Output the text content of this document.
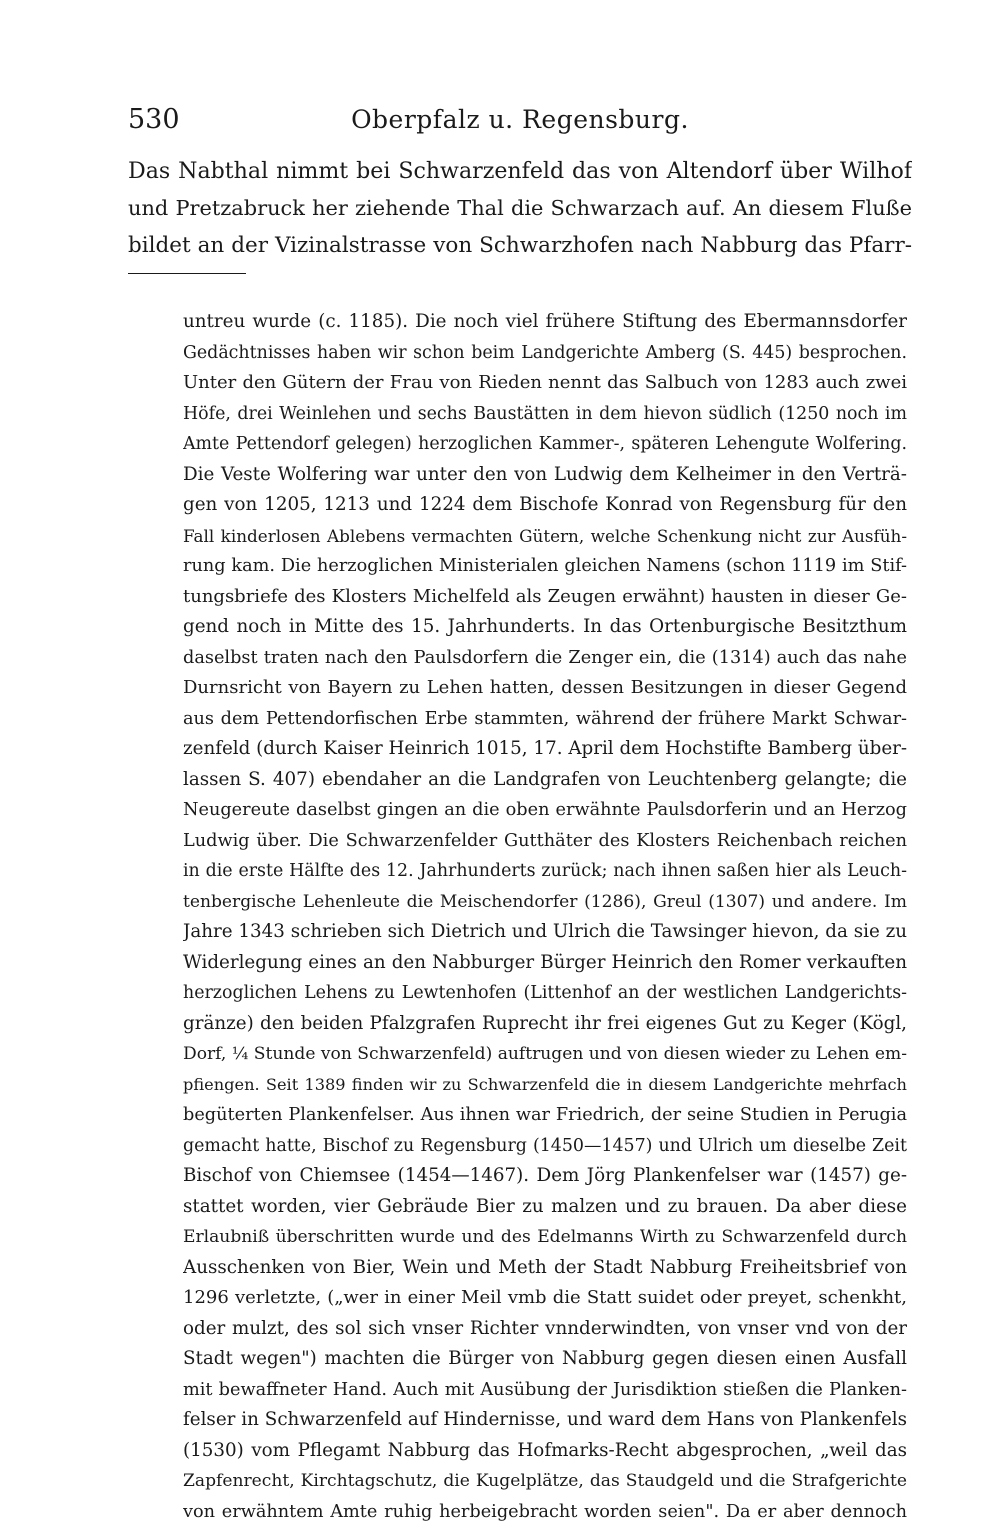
530	Oberpfalz u. Regensburg.
Das Nabthal nimmt bei Schwarzenfeld das von Altendorf über Wilhof
und Pretzabruck her ziehende Thal die Schwarzach auf. An diesem Fluße
bildet an der Vizinalstrasse von Schwarzhofen nach Nabburg das Pfarr-
untreu wurde (c. 1185). Die noch viel frühere Stiftung des Ebermannsdorfer
Gedächtnisses haben wir schon beim Landgerichte Amberg (S. 445) besprochen.
Unter den Gütern der Frau von Rieden nennt das Salbuch von 1283 auch zwei
Höfe, drei Weinlehen und sechs Baustätten in dem hievon südlich (1250 noch im
Amte Pettendorf gelegen) herzoglichen Kammer-, späteren Lehengute Wolfering.
Die Veste Wolfering war unter den von Ludwig dem Kelheimer in den Verträ-
gen von 1205, 1213 und 1224 dem Bischofe Konrad von Regensburg für den
Fall kinderlosen Ablebens vermachten Gütern, welche Schenkung nicht zur Ausfüh-
rung kam. Die herzoglichen Ministerialen gleichen Namens (schon 1119 im Stif-
tungsbriefe des Klosters Michelfeld als Zeugen erwähnt) hausten in dieser Ge-
gend noch in Mitte des 15. Jahrhunderts. In das Ortenburgische Besitzthum
daselbst traten nach den Paulsdorfern die Zenger ein, die (1314) auch das nahe
Durnsricht von Bayern zu Lehen hatten, dessen Besitzungen in dieser Gegend
aus dem Pettendorfischen Erbe stammten, während der frühere Markt Schwar-
zenfeld (durch Kaiser Heinrich 1015, 17. April dem Hochstifte Bamberg über-
lassen S. 407) ebendaher an die Landgrafen von Leuchtenberg gelangte; die
Neugereute daselbst gingen an die oben erwähnte Paulsdorferin und an Herzog
Ludwig über. Die Schwarzenfelder Gutthäter des Klosters Reichenbach reichen
in die erste Hälfte des 12. Jahrhunderts zurück; nach ihnen saßen hier als Leuch-
tenbergische Lehenleute die Meischendorfer (1286), Greul (1307) und andere. Im
Jahre 1343 schrieben sich Dietrich und Ulrich die Tawsinger hievon, da sie zu
Widerlegung eines an den Nabburger Bürger Heinrich den Romer verkauften
herzoglichen Lehens zu Lewtenhofen (Littenhof an der westlichen Landgerichts-
gränze) den beiden Pfalzgrafen Ruprecht ihr frei eigenes Gut zu Keger (Kögl,
Dorf, ¼ Stunde von Schwarzenfeld) auftrugen und von diesen wieder zu Lehen em-
pfiengen. Seit 1389 finden wir zu Schwarzenfeld die in diesem Landgerichte mehrfach
begüterten Plankenfelser. Aus ihnen war Friedrich, der seine Studien in Perugia
gemacht hatte, Bischof zu Regensburg (1450—1457) und Ulrich um dieselbe Zeit
Bischof von Chiemsee (1454—1467). Dem Jörg Plankenfelser war (1457) ge-
stattet worden, vier Gebräude Bier zu malzen und zu brauen. Da aber diese
Erlaubniß überschritten wurde und des Edelmanns Wirth zu Schwarzenfeld durch
Ausschenken von Bier, Wein und Meth der Stadt Nabburg Freiheitsbrief von
1296 verletzte, („wer in einer Meil vmb die Statt suidet oder preyet, schenkht,
oder mulzt, des sol sich vnser Richter vnnderwindten, von vnser vnd von der
Stadt wegen") machten die Bürger von Nabburg gegen diesen einen Ausfall
mit bewaffneter Hand. Auch mit Ausübung der Jurisdiktion stießen die Planken-
felser in Schwarzenfeld auf Hindernisse, und ward dem Hans von Plankenfels
(1530) vom Pflegamt Nabburg das Hofmarks-Recht abgesprochen, „weil das
Zapfenrecht, Kirchtagschutz, die Kugelplätze, das Staudgeld und die Strafgerichte
von erwähntem Amte ruhig herbeigebracht worden seien". Da er aber dennoch
